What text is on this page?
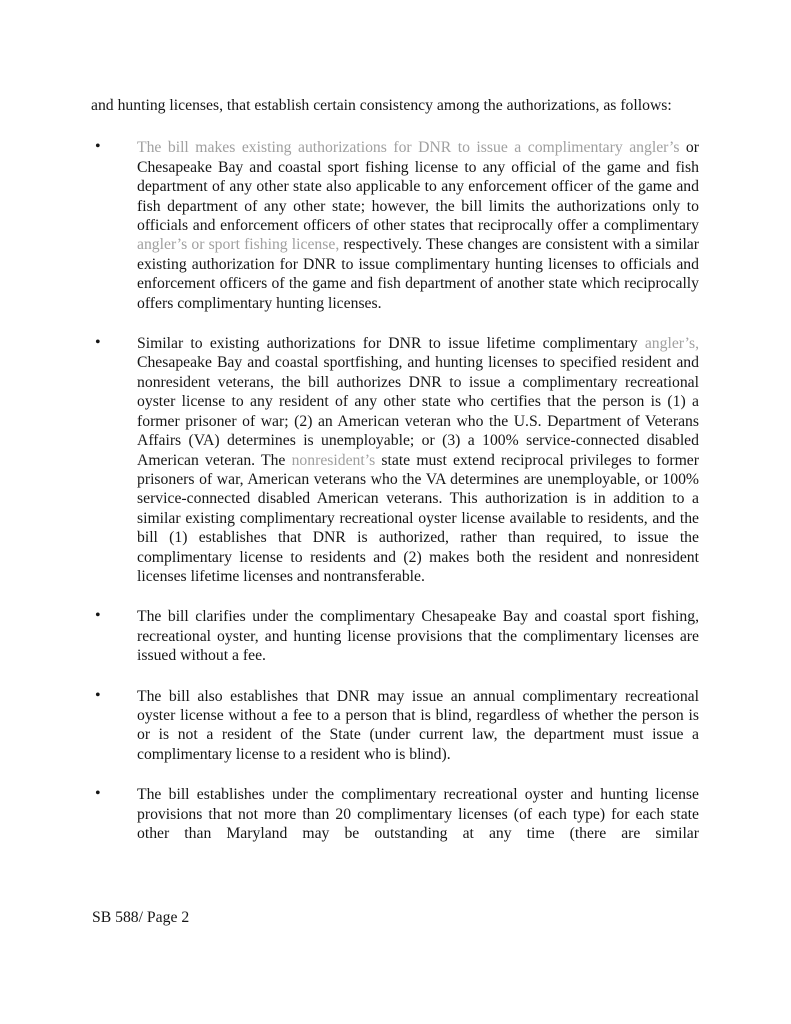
and hunting licenses, that establish certain consistency among the authorizations, as follows:

•
The bill makes existing authorizations for DNR to issue a complimentary angler’s or Chesapeake Bay and coastal sport fishing license to any official of the game and fish department of any other state also applicable to any enforcement officer of the game and fish department of any other state; however, the bill limits the authorizations only to officials and enforcement officers of other states that reciprocally offer a complimentary angler’s or sport fishing license, respectively. These changes are consistent with a similar existing authorization for DNR to issue complimentary hunting licenses to officials and enforcement officers of the game and fish department of another state which reciprocally offers complimentary hunting licenses.
•
Similar to existing authorizations for DNR to issue lifetime complimentary angler’s, Chesapeake Bay and coastal sportfishing, and hunting licenses to specified resident and nonresident veterans, the bill authorizes DNR to issue a complimentary recreational oyster license to any resident of any other state who certifies that the person is (1) a former prisoner of war; (2) an American veteran who the U.S. Department of Veterans Affairs (VA) determines is unemployable; or (3) a 100% service-connected disabled American veteran. The nonresident’s state must extend reciprocal privileges to former prisoners of war, American veterans who the VA determines are unemployable, or 100% service-connected disabled American veterans. This authorization is in addition to a similar existing complimentary recreational oyster license available to residents, and the bill (1) establishes that DNR is authorized, rather than required, to issue the complimentary license to residents and (2) makes both the resident and nonresident licenses lifetime licenses and nontransferable.
•
The bill clarifies under the complimentary Chesapeake Bay and coastal sport fishing, recreational oyster, and hunting license provisions that the complimentary licenses are issued without a fee.
•
The bill also establishes that DNR may issue an annual complimentary recreational oyster license without a fee to a person that is blind, regardless of whether the person is or is not a resident of the State (under current law, the department must issue a complimentary license to a resident who is blind).
•
The bill establishes under the complimentary recreational oyster and hunting license provisions that not more than 20 complimentary licenses (of each type) for each state other than Maryland may be outstanding at any time (there are similar
SB 588/ Page 2
